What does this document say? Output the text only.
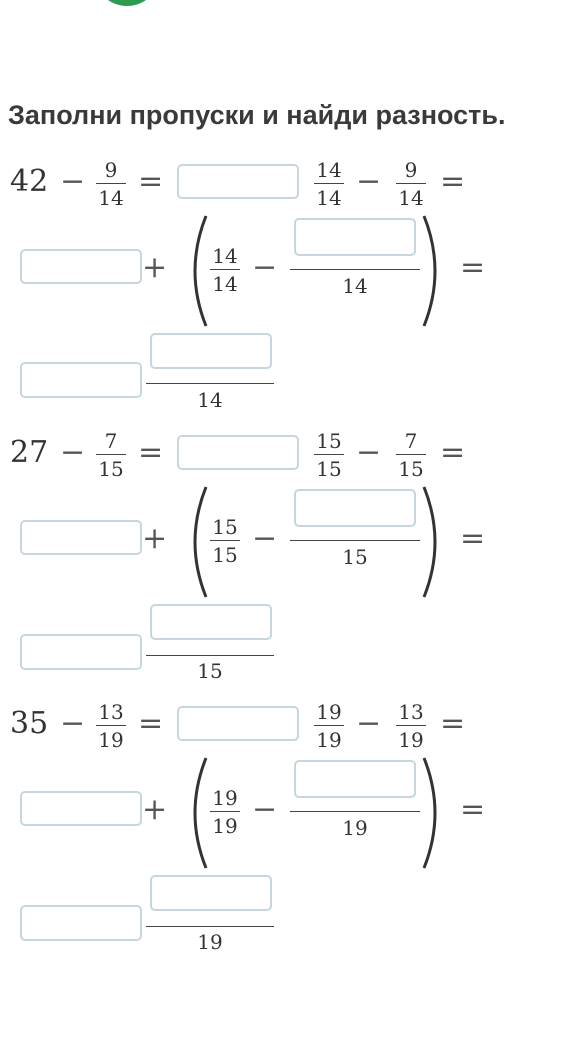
Заполни пропуски и найди разность.
42 − 9
14 =	14
14 −	9
14 =
+ 14
14 −
14
=
14
27 − 7
15 =	15
15 −	7
15 =
+ 15
15 −
15
=
15
35 − 13
19 =	19
19 − 13
19 =
+ 19
19 −
19
=
19
